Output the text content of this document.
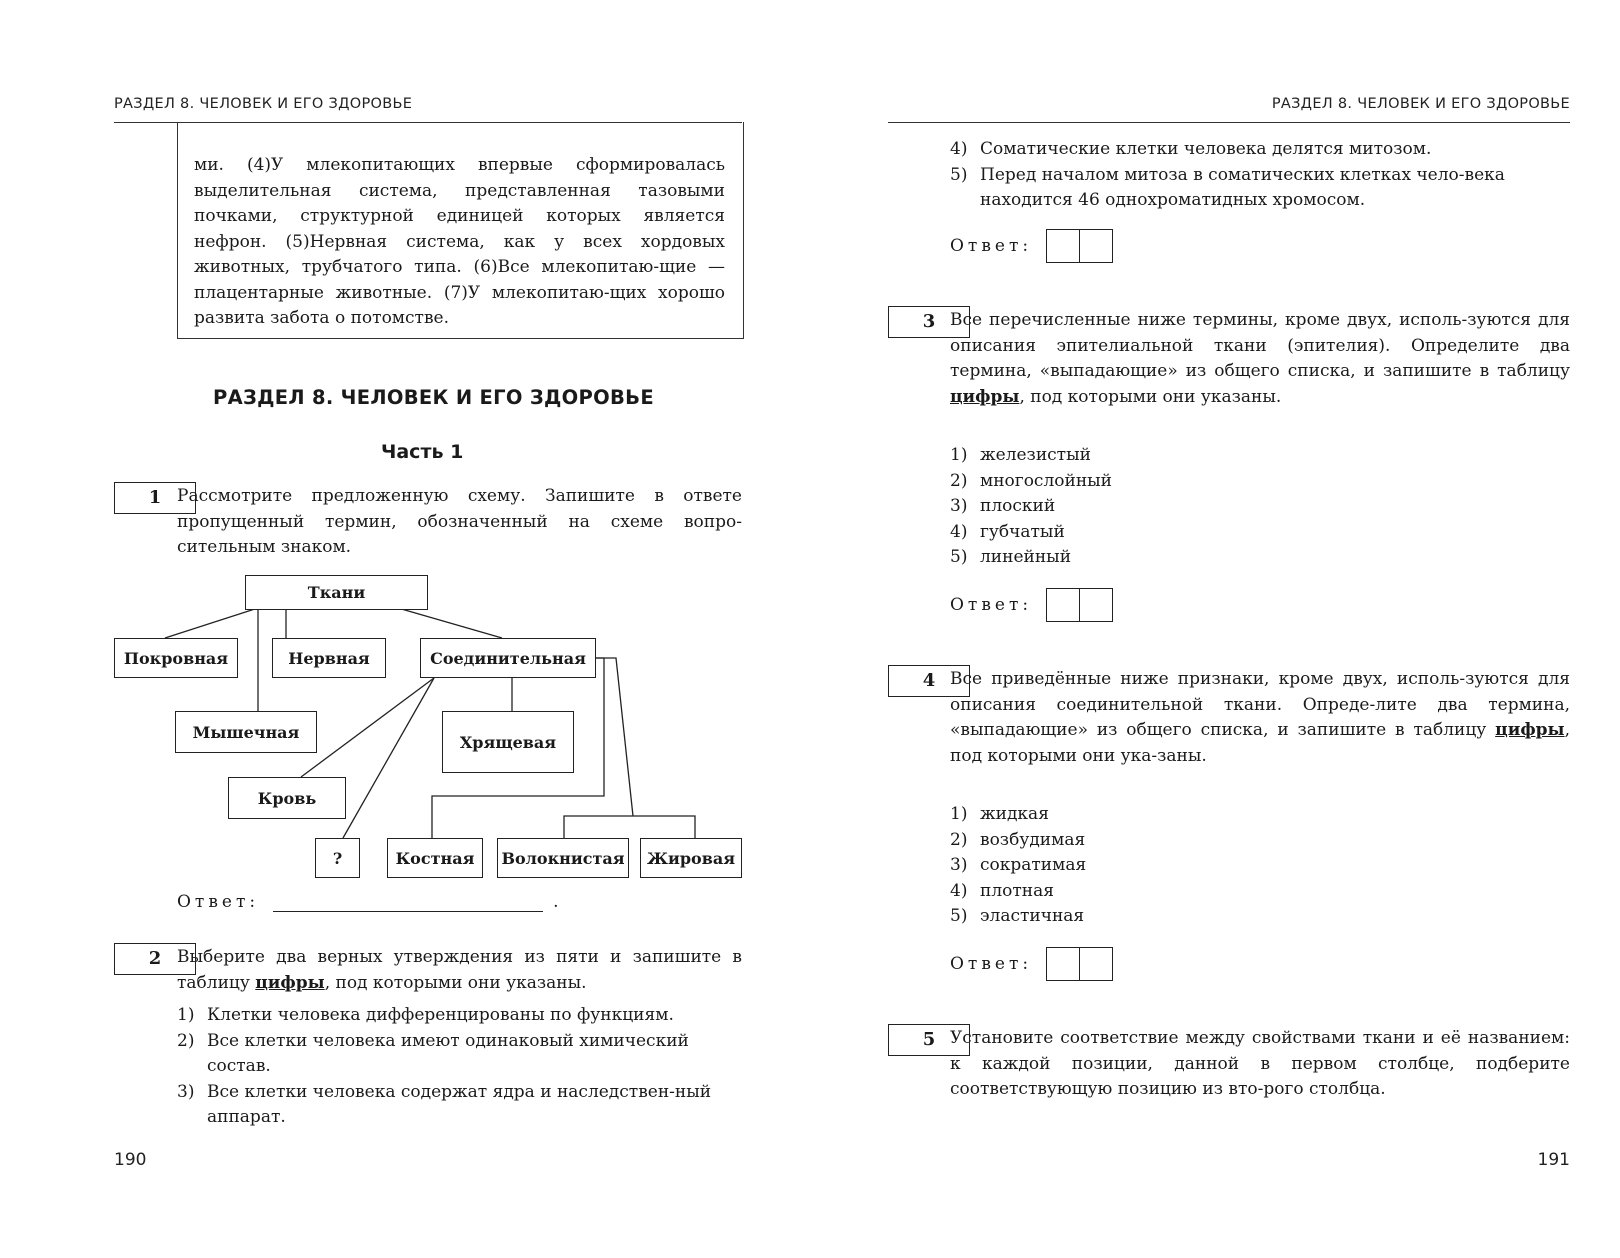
РАЗДЕЛ 8. ЧЕЛОВЕК И ЕГО ЗДОРОВЬЕ
ми. (4)У млекопитающих впервые сформировалась выделительная система, представленная тазовыми почками, структурной единицей которых является нефрон. (5)Нервная система, как у всех хордовых животных, трубчатого типа. (6)Все млекопитаю-щие — плацентарные животные. (7)У млекопитаю-щих хорошо развита забота о потомстве.
РАЗДЕЛ 8. ЧЕЛОВЕК И ЕГО ЗДОРОВЬЕ
Часть 1
1 Рассмотрите предложенную схему. Запишите в ответе пропущенный термин, обозначенный на схеме вопро-сительным знаком.
Ткани
Покровная	Нервная	Соединительная
Мышечная
Хрящевая
Кровь
?	Костная	Волокнистая	Жировая
Ответ:	.
2 Выберите два верных утверждения из пяти и запишите в таблицу цифры, под которыми они указаны.
1) Клетки человека дифференцированы по функциям.
2) Все клетки человека имеют одинаковый химический состав.
3) Все клетки человека содержат ядра и наследствен-ный аппарат.
190
РАЗДЕЛ 8. ЧЕЛОВЕК И ЕГО ЗДОРОВЬЕ
4) Соматические клетки человека делятся митозом.
5) Перед началом митоза в соматических клетках чело-века находится 46 однохроматидных хромосом.
Ответ:
3 Все перечисленные ниже термины, кроме двух, исполь-зуются для описания эпителиальной ткани (эпителия). Определите два термина, «выпадающие» из общего списка, и запишите в таблицу цифры, под которыми они указаны.
1) железистый
2) многослойный
3) плоский
4) губчатый
5) линейный
Ответ:
4 Все приведённые ниже признаки, кроме двух, исполь-зуются для описания соединительной ткани. Опреде-лите два термина, «выпадающие» из общего списка, и запишите в таблицу цифры, под которыми они ука-заны.
1) жидкая
2) возбудимая
3) сократимая
4) плотная
5) эластичная
Ответ:
5 Установите соответствие между свойствами ткани и её названием: к каждой позиции, данной в первом столбце, подберите соответствующую позицию из вто-рого столбца.
191
